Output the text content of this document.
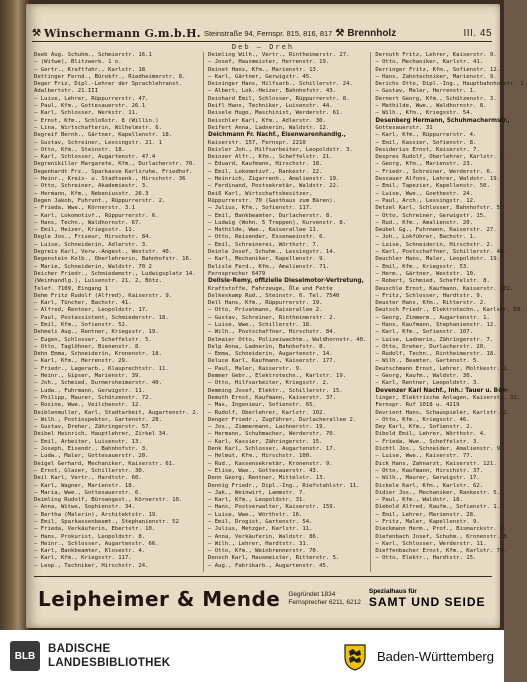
⚒ Winschermann G.m.b.H. Steinstraße 94, Fernspr. 815, 816, 817 ⚒ Brennholz	III. 45
Deb — Dreh
Deeb Aug. Schuhm., Schmierstr. 16.1
— (Witwe), Blitzwerk. 1 o.
— Gertr., Kraftfahr., Karlstr. 18
Dettinger Fernd., Bürokfr., Riedheimerstr. 8.
Deger Friz, Dipl.-Lehrer der Sprachlehranst.
Adalbertstr. 21.III
— Luise, Lehrer, Rüppurrerstr. 47.
— Paul, Kfm., Gottesauerstr. 26.1
— Karl, Schlosser, Werkstr. 11.
— Ernst, Kfm., Schloßstr. 8 (Willin.)
— Lina, Wirtschafterin, Wilhelmstr. 6.
Degreif Bernh., Gärtner, Kapellenstr. 18.
— Gustav, Schreiner, Lessingstr. 21. 1
— Otto, Kfm., Steinstr. 18.
— Karl, Schlosser, Augartenstr. 47.4
Degrenikiller Margarete, Kfm., Durlacherstr. 70.
Degenhardt Frz., Sparkasse Karlsruhe, Friedhof.
— Heinr., Kreis- u. Stadtsenk., Hirschstr. 36
— Otto, Schreiner, Akademiestr. 3.
— Hermann, Kfm., Nebeniusstr. 26.3
Degen Jakob, Fuhrunt., Rüppurrerstr. 2.
— Frieda, Wwe., Körnerstr. 3.1
— Karl, Lokomotivf., Rüppurrerstr. 6.
— Hans, Techn., Waldhornstr. 67.
— Emil, Heizer, Kriegsstr. 11.
Degle Jos., Friseur, Hirschstr. 84.
— Luise, Schneiderin, Adlerstr. 3.
Degreis Karl, Verw.-Angest., Weststr. 40.
Degenstein Kolb., Oberlehrerin, Bahnhofstr. 16.
— Marie, Schneiderin, Waldstr. 70 2
Deicher Friedr., Schmiedemstr., Ludwigsplatz 14.
(Weinhandlg.), Luisenstr. 21, 2, Bötz.
Telef. 7109, Eingang 1
Dehm Fritz Rudolf (Alfred), Kaiserstr. 9.
— Karl, Tüncher, Bachstr. 41.
— Alfred, Rentner, Leopoldstr. 17.
— Paul, Postassistent, Schmiederstr. 18.
— Emil, Kfm., Sofienstr. 52.
Dehmeli Aug., Rentner, Kriegsstr. 19.
— Eugen, Schlosser, Scheffelstr. 5.
— Otto, Taglöhner, Bienenstr. 8.
Dehn Emma, Schneiderin, Kronenstr. 18.
— Karl, Kfm., Herrenstr. 29.
— Friedr., Lagerarb., Klauprechtstr. 11.
— Heinr., Gipser, Marienstr. 39.
— Joh., Schmied, Durmersheimerstr. 40.
— Ludw., Fuhrmann, Gerwigstr. 11.
— Philipp, Maurer, Schützenstr. 72.
— Rosine, Wwe., Veilchenstr. 12.
Deiblenmuller, Karl, Stadtarbeit, Augartenstr. 2.
— Wilh., Postinspektor, Gartenstr. 28.
— Gustav, Dreher, Zähringerstr. 57.
Deibel Heinrich, Hauptlehrer, Zirkel 34.
— Emil, Arbeiter, Luisenstr. 13.
— Joseph, Eisendr., Bahnhofstr. 3.
— Ludw., Maler, Gottesauerstr. 20.
Deigel Gerhard, Mechaniker, Kaiserstr. 61.
— Ernst, Glaser, Schillerstr. 30.
Deil Karl, Vertr., Hardtstr. 60.
— Karl, Wagner, Marienstr. 18.
— Maria, Wwe., Gottesauerstr. 6.
Deimling Rudolf, Büroangest., Körnerstr. 10.
— Anna, Witwe, Sophienstr. 34.
— Bertha (Malerin), Architektstr. 19.
— Emil, Sparkassenbeamt., Stephanienstr. 52
— Frieda, Verkäuferin, Ebertstr. 10.
— Hans, Prokurist, Leopoldstr. 8.
— Heinr., Schlosser, Augartenstr. 66.
— Karl, Bankbeamter, Klosestr. 4.
— Karl, Kfm., Kriegsstr. 117.
— Leop., Techniker, Hirschstr. 24.
Deimling Wilh., Vertr., Rintheimerstr. 27.
— Josef, Hausmeister, Herrenstr. 19.
Deinet Hans, Kfm., Marienstr. 13.
— Karl, Gärtner, Gerwigstr. 45.
Deininger Hans, Hilfsarb., Schillerstr. 24.
— Albert, Lok.-Heizer, Bahnhofstr. 43.
Deinhard Emil, Schlosser, Rüppurrerstr. 8.
Deifl Hans, Techniker, Luisenstr. 44.
Deisele Hugo, Maschinist, Werderstr. 61.
Deischler Karl, Kfm., Adlerstr. 30.
Deifert Anna, Ladnerin, Waldstr. 12.
Deichmann Fr. Nachf., Eisenwarenhandlg.,
Kaiserstr. 157, Fernspr. 2210
Deisler Joh., Hilfsarbeiter, Leopoldstr. 3.
Deinzer Alfr., Kfm., Scheffelstr. 21.
— Eduard, Kaufmann, Hirschstr. 18.
— Emil, Lokomotivf., Rankestr. 22.
— Heinrich, Zigarrenh., Amalienstr. 19.
— Ferdinand, Postsekretär, Waldstr. 22.
Deiß Karl, Wirtschaftsbesitzer,
Rüppurrerstr. 70 (Gasthaus zum Bären).
— Julius, Kfm., Sofienstr. 117.
— Emil, Bankbeamter, Durlacherstr. 8.
— Ludwig (Wohn. 5 Treppen), Kurvenstr. 8.
— Mathilde, Wwe., Kaiserallee 11.
— Otto, Reisender, Essenweinstr. 6.
— Emil, Schreinerei, Wörthstr. 7.
Deinle Josef, Schuhm., Lessingstr. 14.
— Karl, Mechaniker, Kapellenstr. 9.
Delisle Ferd., Kfm., Amalienstr. 71.
Fernsprecher 6479
Delisle-Remy, offizielle Dieselmotor-Vertretung,
Kraftstoffe, Fahrzeuge, Öle und Fette
Delkeskamp Rud., Steinstr. 6. Tel. 7540
Dell Hans, Kfm., Rüppurrerstr. 19.
— Otto, Privatmann, Kaiserallee 2.
— Gustav, Schreiner, Rintheimerstr. 2.
— Luise, Wwe., Schillerstr. 18.
— Wilh., Postschaffner, Hirschstr. 84.
Delmaier Otto, Polizeiwachtm., Waldhornstr. 40.
Delp Anna, Ladnerin, Bahnhofstr. 8.
— Emma, Schneiderin, Augartenstr. 14.
Deluce Karl, Kaufmann, Kaiserstr. 177.
— Paul, Maler, Kaiserstr. 9.
Demmer Gebr., Elektrotechn., Karlstr. 19.
— Otto, Hilfsarbeiter, Kriegsstr. 2.
Demming Josef, Elektr., Schillerstr. 15.
Demuth Ernst, Kaufmann, Kaiserstr. 37.
— Max, Ingenieur, Sofienstr. 65.
— Rudolf, Oberlehrer, Karlstr. 102.
Denger Friedr., Zugführer, Durlacherallee 2.
— Jos., Zimmermann, Lachnerstr. 19.
— Hermann, Schuhmacher, Werderstr. 70.
— Karl, Kassier, Zähringerstr. 15.
Denk Karl, Schlosser, Augartenstr. 17.
— Helmut, Kfm., Hirschstr. 100.
— Rud., Kassensekretär, Kronenstr. 9.
— Elise, Wwe., Gottesauerstr. 43.
Denn Georg, Rentner, Mittelstr. 13.
Dennig Friedr., Dipl.-Ing., Riefstahlstr. 11.
— Jak., Weinwirt, Lammstr. 7.
— Karl, Kfm., Leopoldstr. 31.
— Hans, Postverwalter, Kaiserstr. 159.
— Luise, Wwe., Wörthstr. 16.
— Emil, Drogist, Gartenstr. 54.
— Julius, Metzger, Karlstr. 11.
— Anna, Verkäuferin, Waldstr. 86.
— Wilh., Lehrer, Hardtstr. 31.
— Otto, Kfm., Weinbrennerstr. 70.
Densch Karl, Hausmeister, Ritterstr. 5.
— Aug., Fabrikarb., Augartenstr. 45.
Dernuth Fritz, Lehrer, Kaiserstr. 9.
— Otto, Mechaniker, Karlstr. 41.
Derringer Fritz, Kfm., Sofienstr. 12.
— Hans, Zahntechniker, Marienstr. 9.
Derichs Otto, Dipl.-Ing., Hauptbahnhofstr. 2.
— Gustav, Maler, Herrenstr. 1.
Dernert Georg, Kfm., Schützenstr. 3.
— Mathilde, Wwe., Waldhornstr. 8.
— Wilh., Kfm., Kriegsstr. 54.
Desenberg Hermann, Schuhmachermstr.,
Gottesauerstr. 31
— Karl, Kfm., Rüppurrerstr. 4.
— Emil, Kassier, Sofienstr. 8.
Desiderius Ernst, Kaiserstr. 7.
Despres Rudolf, Oberlehrer, Karlstr. 7.
— Georg, Kfm., Marienstr. 23.
— Friedr., Schreiner, Werderstr. 6.
Dessauer Alfons, Lehrer, Waldstr. 19.
— Emil, Tapezier, Kapellenstr. 50.
— Luise, Wwe., Goethestr. 24.
— Paul, Arch., Lessingstr. 12.
Detzel Karl, Schlosser, Bahnhofstr. 5.
— Otto, Schreiner, Gerwigstr. 15.
— Rud., Kfm., Amalienstr. 20.
Deubel Gg., Fuhrmann, Kaiserstr. 27.
— Joh., Lokführer, Bachstr. 1.
— Luise, Schneiderin, Hirschstr. 2.
— Karl, Postschaffner, Schillerstr. 40.
Deuchler Hans, Maler, Leopoldstr. 19.
— Emil, Kfm., Kriegsstr. 53.
— Herm., Gärtner, Weststr. 10.
— Robert, Schmied, Scheffelstr. 8.
Deuschle Ernst, Kaufmann, Kaiserstr. 201.
— Fritz, Schlosser, Hardtstr. 9.
Deuster Hans, Kfm., Ritterstr. 2.
Deutsch Friedr., Elektrotechn., Karlstr. 59.
— Georg, Zimmerm., Augartenstr. 1.
— Hans, Kaufmann, Stephanienstr. 12.
— Karl, Kfm., Sofienstr. 107.
— Luise, Ladnerin, Zähringerstr. 7.
— Otto, Dreher, Durlacherstr. 20.
— Rudolf, Techn., Rintheimerstr. 18.
— Wilh., Beamter, Gartenstr. 5.
Deutschmann Ernst, Lehrer, Moltkestr. 1.
— Georg, Kaufm., Waldstr. 30.
— Karl, Rentner, Leopoldstr. 3.
Devenzer Karl Nachf., Inh.: Tauer u. Böh-
linger, Elektrische Anlagen, Kaiserstr. 31.
Fernspr. Ruf 1018 u. 4219
Devrient Hans, Schauspieler, Karlstr. 1.
— Otto, Kfm., Kriegsstr. 46.
Dey Karl, Kfm., Sofienstr. 2.
Dibold Emil, Lehrer, Wörthstr. 4.
— Frieda, Wwe., Scheffelstr. 3.
Dichtl Jos., Schneider, Amalienstr. 9.
— Luise, Wwe., Kaiserstr. 77.
Dick Hans, Zahnarzt, Kaiserstr. 121.
— Otto, Kaufmann, Hirschstr. 37.
— Wilh., Maurer, Gerwigstr. 17.
Dickele Karl, Kfm., Karlstr. 62.
Didier Jos., Mechaniker, Rankestr. 5.
— Paul, Kfm., Waldstr. 18.
Diebold Alfred, Kaufm., Sofienstr. 1.
— Emil, Lehrer, Marienstr. 28.
— Fritz, Maler, Kapellenstr. 9.
Dieckmann Herm., Prof., Bismarckstr. 6.
Diefenbach Josef, Schuhm., Kronenstr. 8.
— Karl, Schlosser, Werderstr. 11.
Dieffenbacher Ernst, Kfm., Karlstr. 74.
— Otto, Elektr., Hardtstr. 15.
Leipheimer & Mende Gegründet 1834
Fernsprecher 6211, 6212
Spezialhaus für
SAMT UND SEIDE
BLB
BADISCHE
LANDESBIBLIOTHEK	Baden-Württemberg
